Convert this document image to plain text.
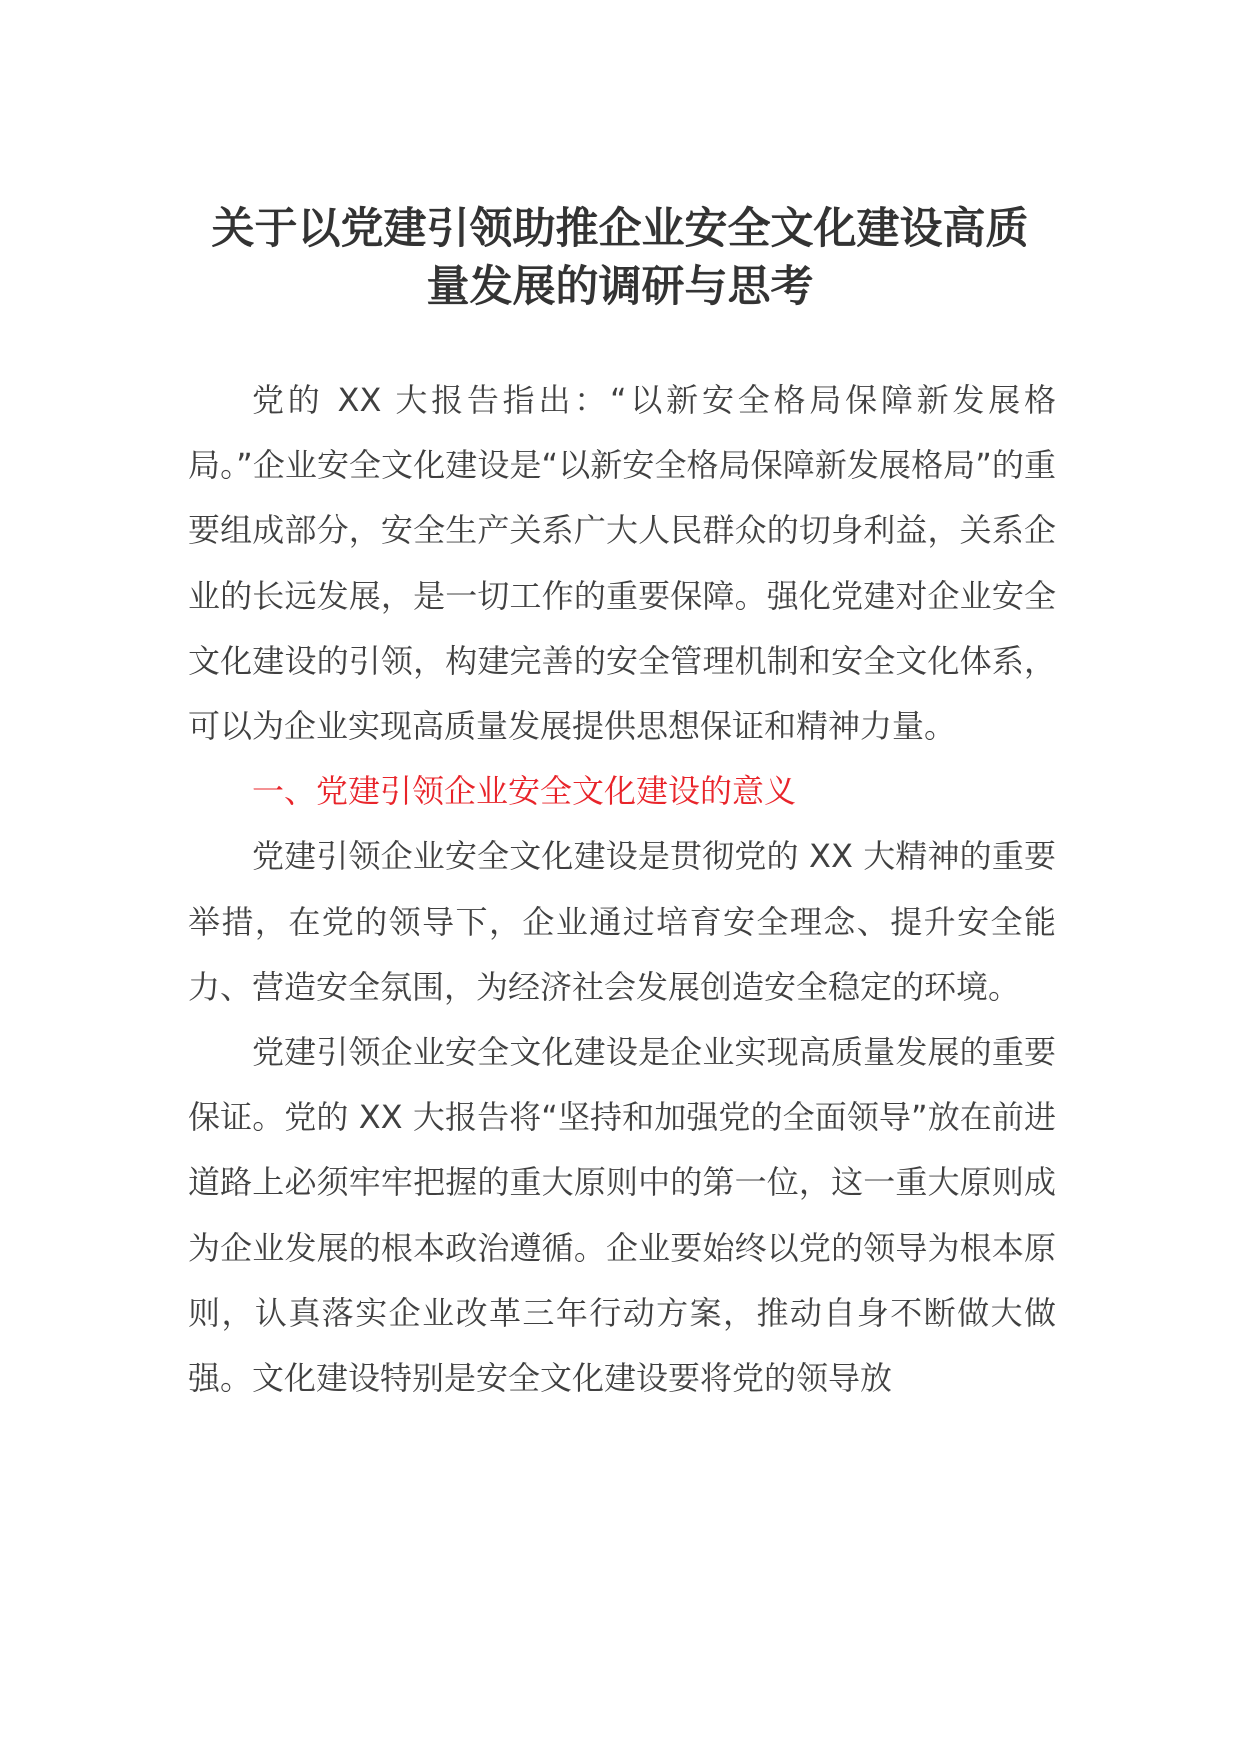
关于以党建引领助推企业安全文化建设高质
量发展的调研与思考

党的 XX 大报告指出：“以新安全格局保障新发展格局。”企业安全文化建设是“以新安全格局保障新发展格局”的重要组成部分，安全生产关系广大人民群众的切身利益，关系企业的长远发展，是一切工作的重要保障。强化党建对企业安全文化建设的引领，构建完善的安全管理机制和安全文化体系，可以为企业实现高质量发展提供思想保证和精神力量。

一、党建引领企业安全文化建设的意义

党建引领企业安全文化建设是贯彻党的 XX 大精神的重要举措，在党的领导下，企业通过培育安全理念、提升安全能力、营造安全氛围，为经济社会发展创造安全稳定的环境。

党建引领企业安全文化建设是企业实现高质量发展的重要保证。党的 XX 大报告将“坚持和加强党的全面领导”放在前进道路上必须牢牢把握的重大原则中的第一位，这一重大原则成为企业发展的根本政治遵循。企业要始终以党的领导为根本原则，认真落实企业改革三年行动方案，推动自身不断做大做强。文化建设特别是安全文化建设要将党的领导放
